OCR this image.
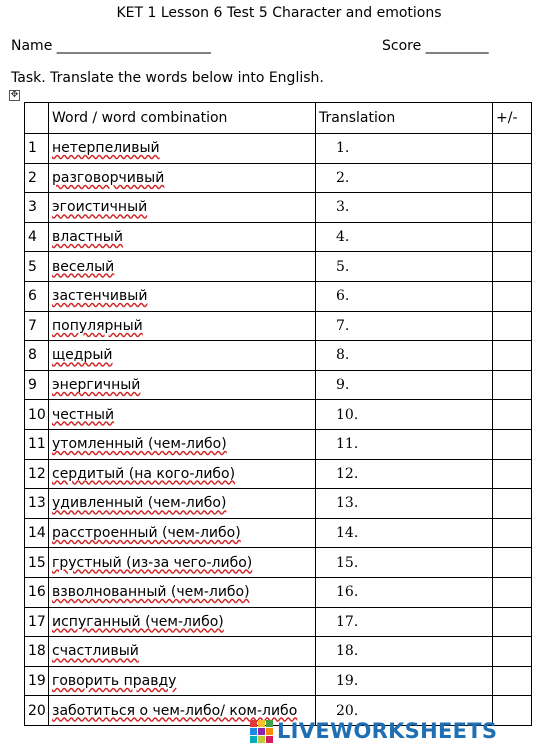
KET 1 Lesson 6 Test 5 Character and emotions
Name ______________________	Score _________
Task. Translate the words below into English.
✥
	Word / word combination	Translation	+/-
1	нетерпеливый	1.	
2	разговорчивый	2.	
3	эгоистичный	3.	
4	властный	4.	
5	веселый	5.	
6	застенчивый	6.	
7	популярный	7.	
8	щедрый	8.	
9	энергичный	9.	
10	честный	10.	
11	утомленный (чем-либо)	11.	
12	сердитый (на кого-либо)	12.	
13	удивленный (чем-либо)	13.	
14	расстроенный (чем-либо)	14.	
15	грустный (из-за чего-либо)	15.	
16	взволнованный (чем-либо)	16.	
17	испуганный (чем-либо)	17.	
18	счастливый	18.	
19	говорить правду	19.	
20	заботиться о чем-либо/ ком-либо	20.	
LIVEWORKSHEETS
